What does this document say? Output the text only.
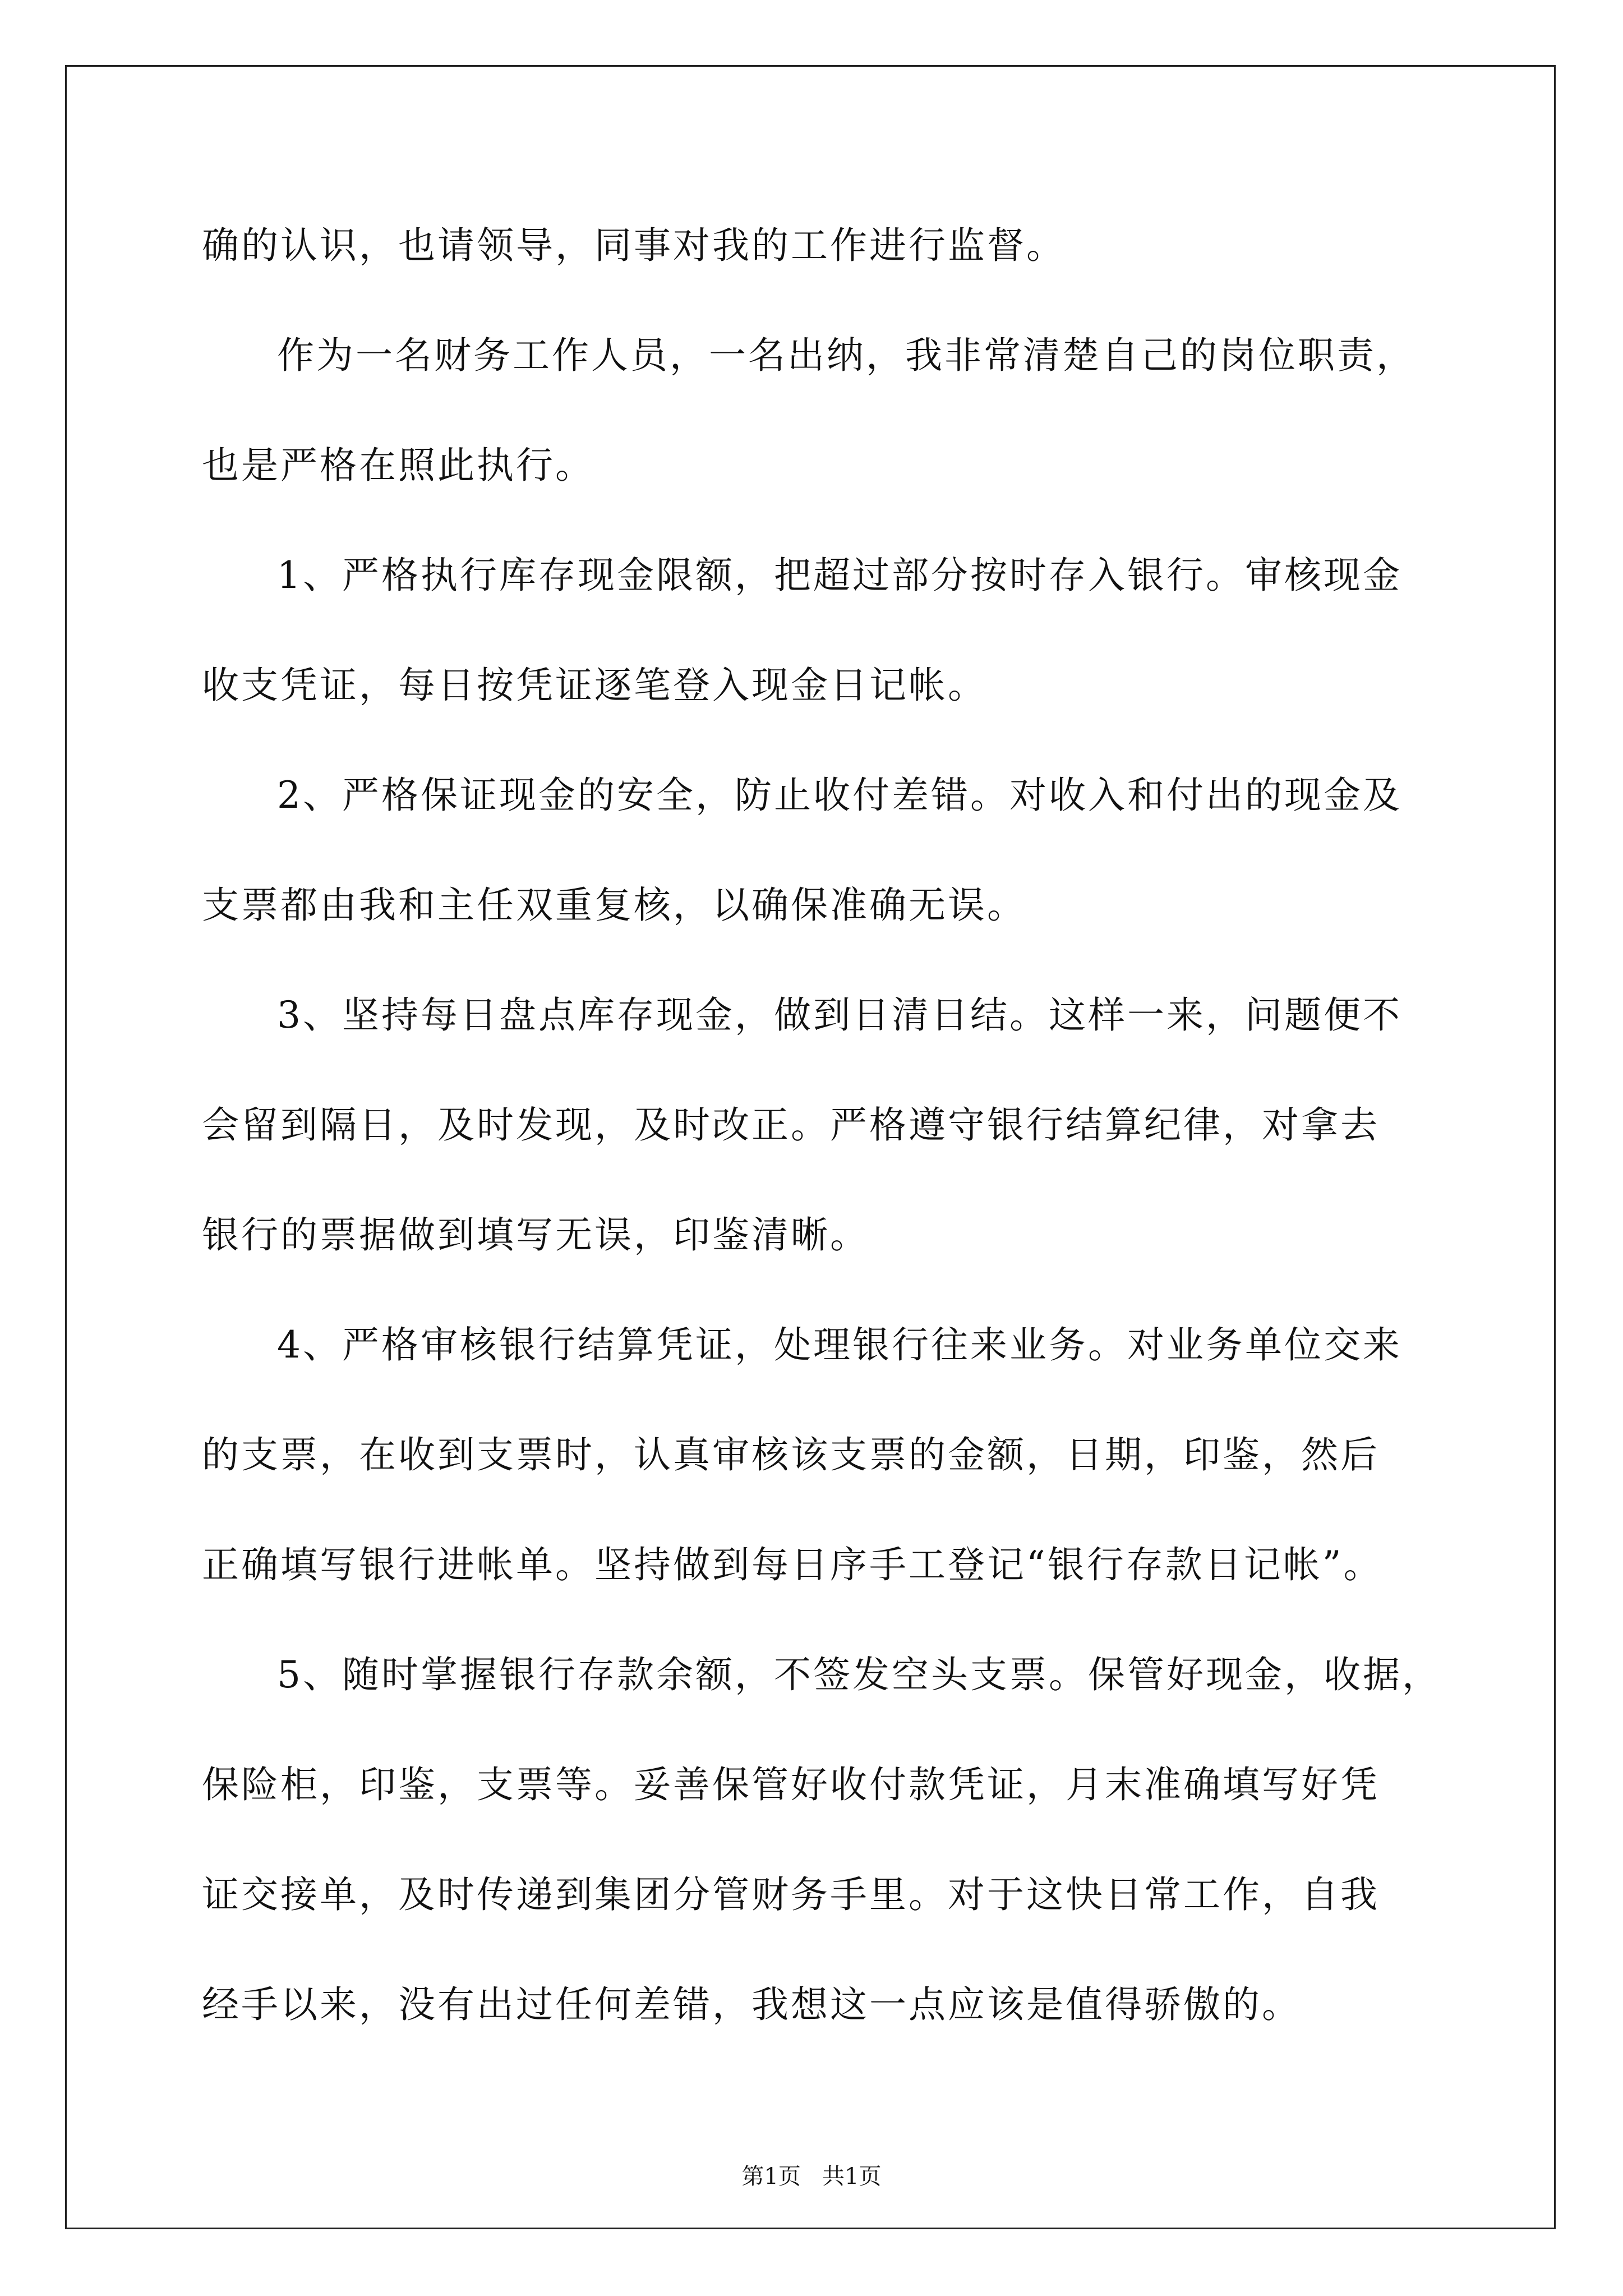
确的认识，也请领导，同事对我的工作进行监督。
作为一名财务工作人员，一名出纳，我非常清楚自己的岗位职责，
也是严格在照此执行。
1、严格执行库存现金限额，把超过部分按时存入银行。审核现金
收支凭证，每日按凭证逐笔登入现金日记帐。
2、严格保证现金的安全，防止收付差错。对收入和付出的现金及
支票都由我和主任双重复核，以确保准确无误。
3、坚持每日盘点库存现金，做到日清日结。这样一来，问题便不
会留到隔日，及时发现，及时改正。严格遵守银行结算纪律，对拿去
银行的票据做到填写无误，印鉴清晰。
4、严格审核银行结算凭证，处理银行往来业务。对业务单位交来
的支票，在收到支票时，认真审核该支票的金额，日期，印鉴，然后
正确填写银行进帐单。坚持做到每日序手工登记“银行存款日记帐”。
5、随时掌握银行存款余额，不签发空头支票。保管好现金，收据，
保险柜，印鉴，支票等。妥善保管好收付款凭证，月末准确填写好凭
证交接单，及时传递到集团分管财务手里。对于这快日常工作，自我
经手以来，没有出过任何差错，我想这一点应该是值得骄傲的。
第1页   共1页
